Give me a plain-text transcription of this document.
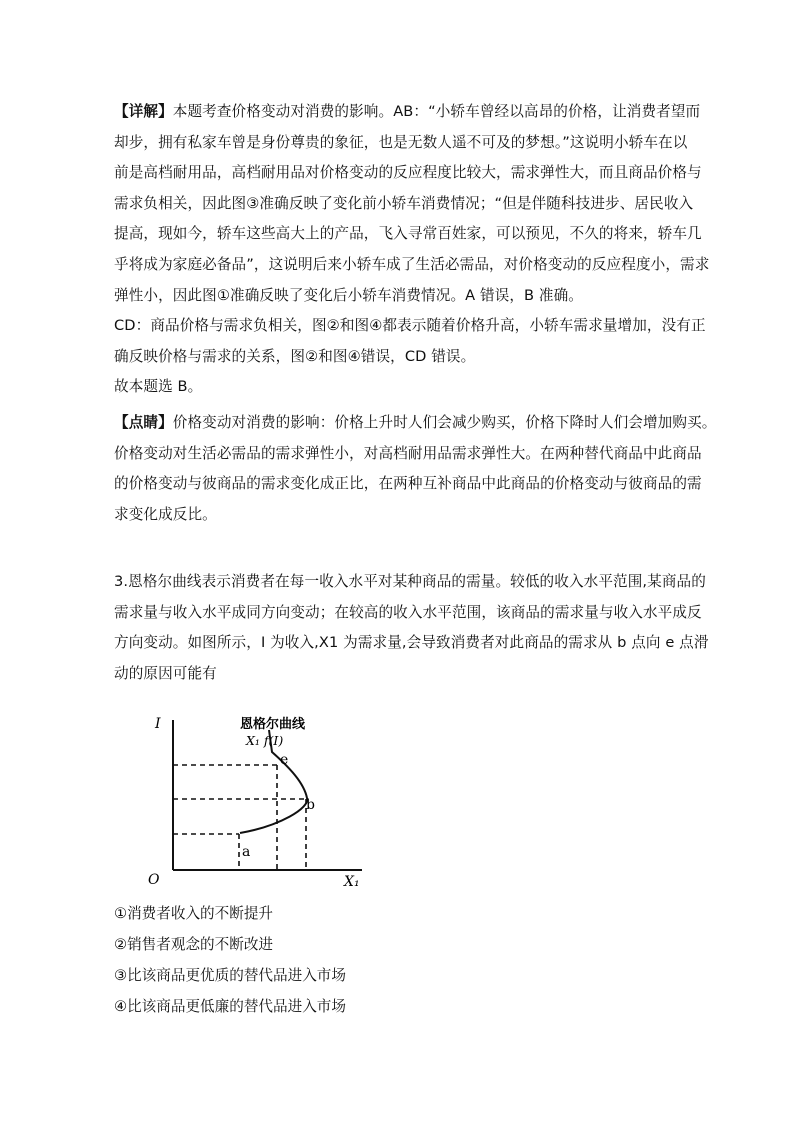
【详解】本题考查价格变动对消费的影响。AB：“小轿车曾经以高昂的价格，让消费者望而
却步，拥有私家车曾是身份尊贵的象征，也是无数人遥不可及的梦想。”这说明小轿车在以
前是高档耐用品，高档耐用品对价格变动的反应程度比较大，需求弹性大，而且商品价格与
需求负相关，因此图③准确反映了变化前小轿车消费情况；“但是伴随科技进步、居民收入
提高，现如今，轿车这些高大上的产品，飞入寻常百姓家，可以预见，不久的将来，轿车几
乎将成为家庭必备品”，这说明后来小轿车成了生活必需品，对价格变动的反应程度小，需求
弹性小，因此图①准确反映了变化后小轿车消费情况。A 错误，B 准确。
CD：商品价格与需求负相关，图②和图④都表示随着价格升高，小轿车需求量增加，没有正
确反映价格与需求的关系，图②和图④错误，CD 错误。
故本题选 B。
【点睛】价格变动对消费的影响：价格上升时人们会减少购买，价格下降时人们会增加购买。
价格变动对生活必需品的需求弹性小，对高档耐用品需求弹性大。在两种替代商品中此商品
的价格变动与彼商品的需求变化成正比，在两种互补商品中此商品的价格变动与彼商品的需
求变化成反比。
3.恩格尔曲线表示消费者在每一收入水平对某种商品的需量。较低的收入水平范围,某商品的
需求量与收入水平成同方向变动；在较高的收入水平范围，该商品的需求量与收入水平成反
方向变动。如图所示，I 为收入,X1 为需求量,会导致消费者对此商品的需求从 b 点向 e 点滑
动的原因可能有
恩格尔曲线
X₁ f(I)
I
O	X₁
a
b
e
①消费者收入的不断提升
②销售者观念的不断改进
③比该商品更优质的替代品进入市场
④比该商品更低廉的替代品进入市场
